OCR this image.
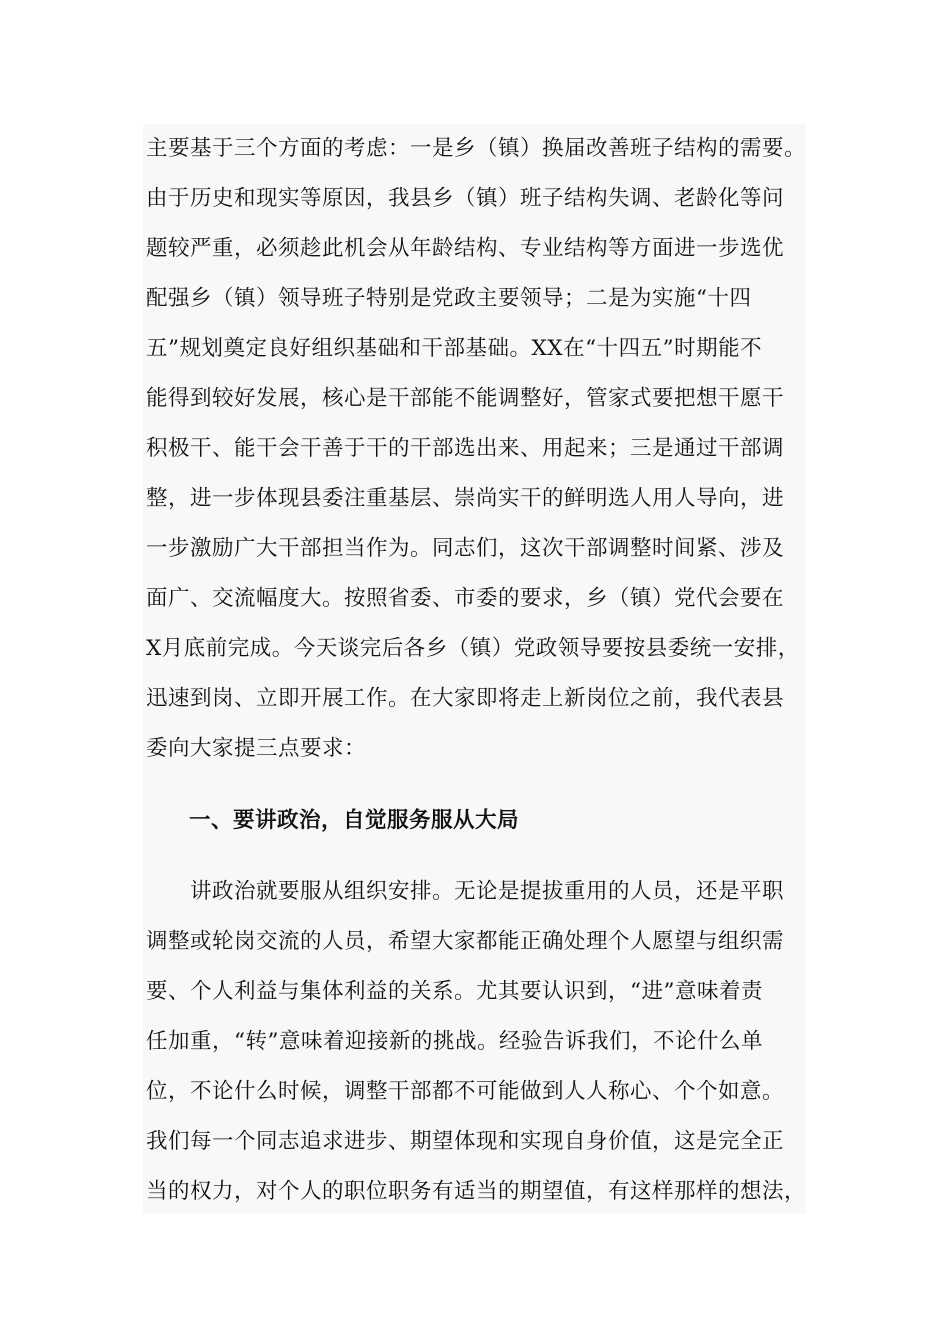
主要基于三个方面的考虑：一是乡（镇）换届改善班子结构的需要。
由于历史和现实等原因，我县乡（镇）班子结构失调、老龄化等问
题较严重，必须趁此机会从年龄结构、专业结构等方面进一步选优
配强乡（镇）领导班子特别是党政主要领导；二是为实施“十四
五”规划奠定良好组织基础和干部基础。XX在“十四五”时期能不
能得到较好发展，核心是干部能不能调整好，管家式要把想干愿干
积极干、能干会干善于干的干部选出来、用起来；三是通过干部调
整，进一步体现县委注重基层、崇尚实干的鲜明选人用人导向，进
一步激励广大干部担当作为。同志们，这次干部调整时间紧、涉及
面广、交流幅度大。按照省委、市委的要求，乡（镇）党代会要在
X月底前完成。今天谈完后各乡（镇）党政领导要按县委统一安排，
迅速到岗、立即开展工作。在大家即将走上新岗位之前，我代表县
委向大家提三点要求：
一、要讲政治，自觉服务服从大局
　　讲政治就要服从组织安排。无论是提拔重用的人员，还是平职
调整或轮岗交流的人员，希望大家都能正确处理个人愿望与组织需
要、个人利益与集体利益的关系。尤其要认识到，“进”意味着责
任加重，“转”意味着迎接新的挑战。经验告诉我们，不论什么单
位，不论什么时候，调整干部都不可能做到人人称心、个个如意。
我们每一个同志追求进步、期望体现和实现自身价值，这是完全正
当的权力，对个人的职位职务有适当的期望值，有这样那样的想法，
